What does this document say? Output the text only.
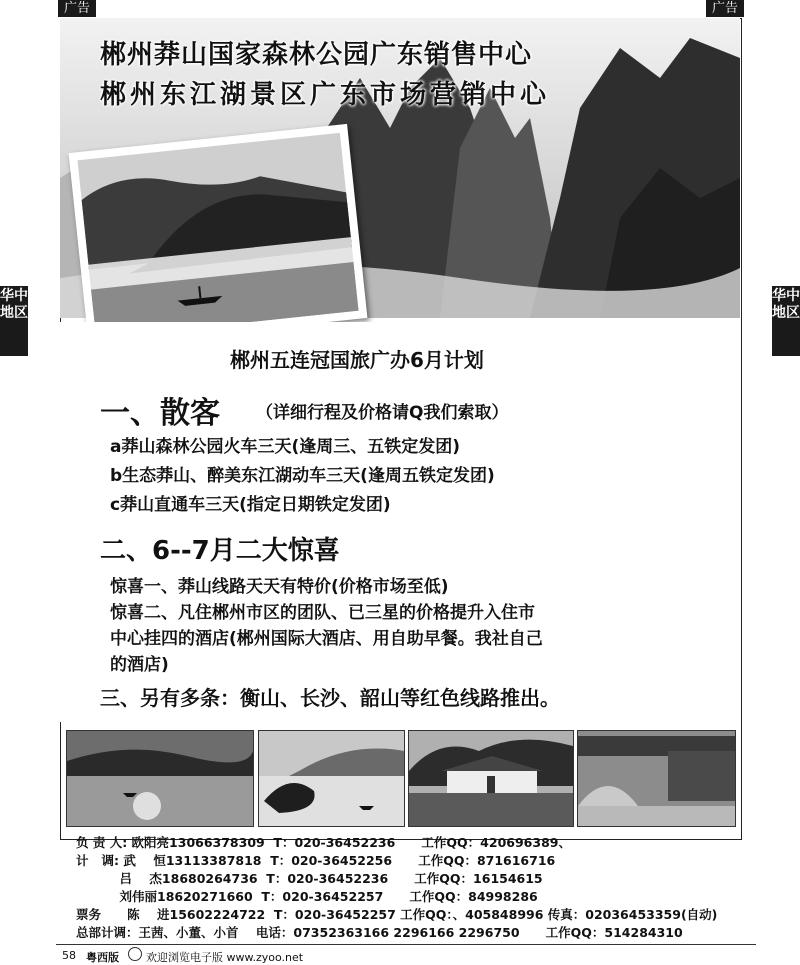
广告	广告
华中地区
华中地区
郴州莽山国家森林公园广东销售中心
郴州东江湖景区广东市场营销中心
郴州五连冠国旅广办6月计划
一、散客 （详细行程及价格请Q我们索取）
a莽山森林公园火车三天(逢周三、五铁定发团)
b生态莽山、醉美东江湖动车三天(逢周五铁定发团)
c莽山直通车三天(指定日期铁定发团)
二、6--7月二大惊喜
惊喜一、莽山线路天天有特价(价格市场至低)
惊喜二、凡住郴州市区的团队、已三星的价格提升入住市
中心挂四的酒店(郴州国际大酒店、用自助早餐。我社自己
的酒店)
三、另有多条：衡山、长沙、韶山等红色线路推出。
负 责 人: 欧阳亮13066378309  T：020-36452236      工作QQ：420696389、
计   调: 武    恒13113387818  T：020-36452256      工作QQ：871616716
吕    杰18680264736  T：020-36452236      工作QQ：16154615
刘伟丽18620271660  T：020-36452257      工作QQ：84998286
票务      陈    进15602224722  T：020-36452257 工作QQ：、405848996 传真：02036453359(自动)
总部计调：王茜、小董、小首    电话：07352363166 2296166 2296750      工作QQ：514284310
58 粤西版 欢迎浏览电子版 www.zyoo.net
